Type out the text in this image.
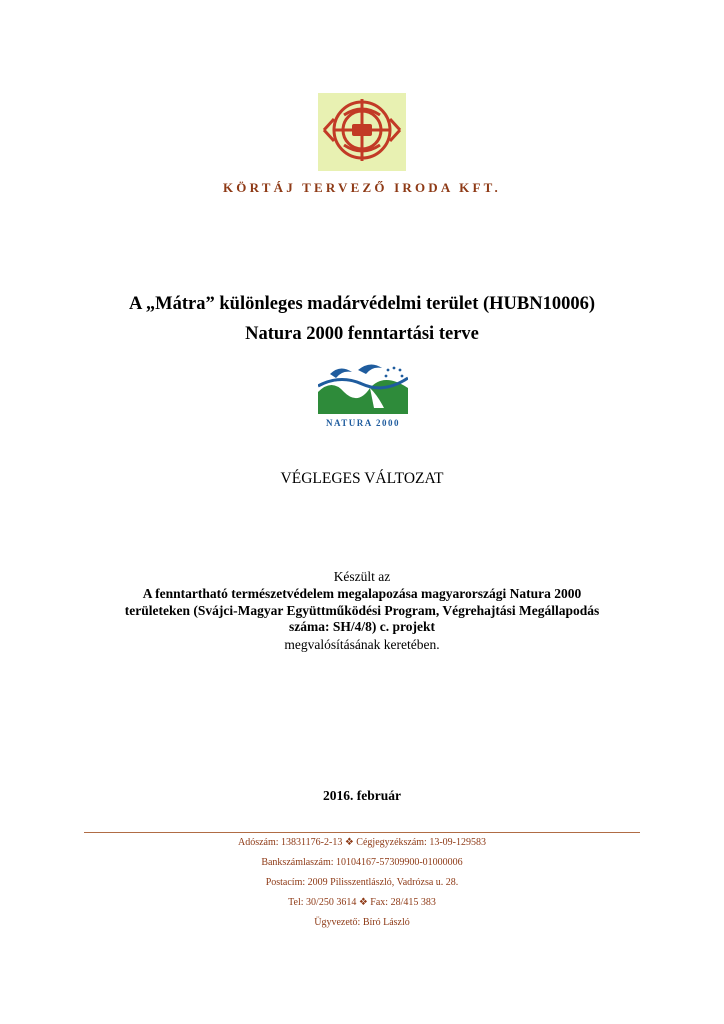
KÖRTÁJ TERVEZŐ IRODA KFT.
A „Mátra” különleges madárvédelmi terület (HUBN10006)
Natura 2000 fenntartási terve
NATURA 2000
VÉGLEGES VÁLTOZAT
Készült az
A fenntartható természetvédelem megalapozása magyarországi Natura 2000
területeken (Svájci-Magyar Együttműködési Program, Végrehajtási Megállapodás
száma: SH/4/8) c. projekt
megvalósításának keretében.
2016. február
Adószám: 13831176-2-13 ❖ Cégjegyzékszám: 13-09-129583
Bankszámlaszám: 10104167-57309900-01000006
Postacím: 2009 Pilisszentlászló, Vadrózsa u. 28.
Tel: 30/250 3614 ❖ Fax: 28/415 383
Ügyvezető: Bíró László
